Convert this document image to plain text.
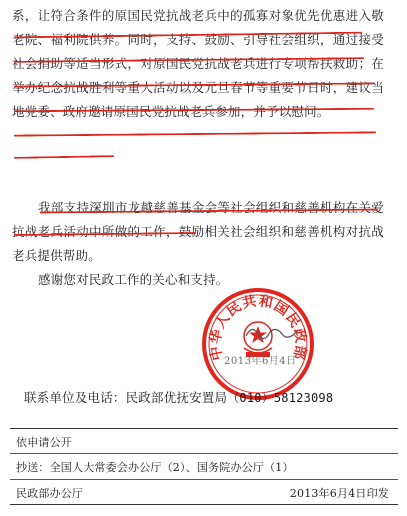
系，让符合条件的原国民党抗战老兵中的孤寡对象优先优惠进入敬老院、福利院供养。同时，支持、鼓励、引导社会组织，通过接受社会捐助等适当形式，对原国民党抗战老兵进行专项帮扶救助；在举办纪念抗战胜利等重大活动以及元旦春节等重要节日时，建议当地党委、政府邀请原国民党抗战老兵参加，并予以慰问。
我部支持深圳市龙越慈善基金会等社会组织和慈善机构在关爱抗战老兵活动中所做的工作，鼓励相关社会组织和慈善机构对抗战老兵提供帮助。
感谢您对民政工作的关心和支持。
中华人民共和国民政部
2013年6月4日
联系单位及电话：民政部优抚安置局（010）58123098
依申请公开
抄送：全国人大常委会办公厅（2）、国务院办公厅（1）
民政部办公厅	2013年6月4日印发
